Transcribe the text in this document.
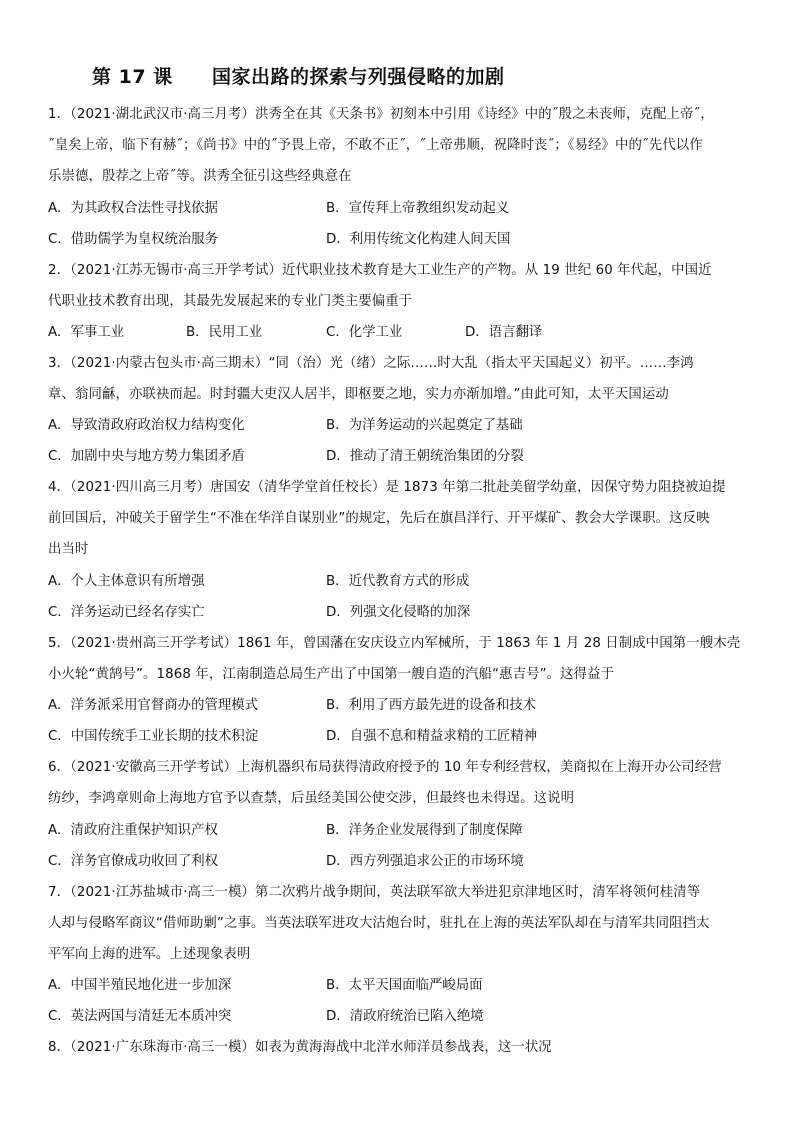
第 17 课 国家出路的探索与列强侵略的加剧
1．（2021·湖北武汉市·高三月考）洪秀全在其《天条书》初刻本中引用《诗经》中的˝殷之未丧师，克配上帝˝，
˝皇矣上帝，临下有赫˝；《尚书》中的˝予畏上帝，不敢不正˝，˝上帝弗顺，祝降时丧˝；《易经》中的˝先代以作
乐崇德，殷荐之上帝˝等。洪秀全征引这些经典意在
A．为其政权合法性寻找依据	B．宣传拜上帝教组织发动起义
C．借助儒学为皇权统治服务	D．利用传统文化构建人间天国
2．（2021·江苏无锡市·高三开学考试）近代职业技术教育是大工业生产的产物。从 19 世纪 60 年代起，中国近
代职业技术教育出现，其最先发展起来的专业门类主要偏重于
A．军事工业	B．民用工业	C．化学工业	D．语言翻译
3．（2021·内蒙古包头市·高三期末）“同（治）光（绪）之际……时大乱（指太平天国起义）初平。……李鸿
章、翁同龢，亦联袂而起。时封疆大吏汉人居半，即枢要之地，实力亦渐加增。”由此可知，太平天国运动
A．导致清政府政治权力结构变化	B．为洋务运动的兴起奠定了基础
C．加剧中央与地方势力集团矛盾	D．推动了清王朝统治集团的分裂
4．（2021·四川高三月考）唐国安（清华学堂首任校长）是 1873 年第二批赴美留学幼童，因保守势力阻挠被迫提
前回国后，冲破关于留学生“不准在华洋自谋别业”的规定，先后在旗昌洋行、开平煤矿、教会大学课职。这反映
出当时
A．个人主体意识有所增强	B．近代教育方式的形成
C．洋务运动已经名存实亡	D．列强文化侵略的加深
5．（2021·贵州高三开学考试）1861 年，曾国藩在安庆设立内军械所，于 1863 年 1 月 28 日制成中国第一艘木壳
小火轮“黄鹄号”。1868 年，江南制造总局生产出了中国第一艘自造的汽船“惠吉号”。这得益于
A．洋务派采用官督商办的管理模式	B．利用了西方最先进的设备和技术
C．中国传统手工业长期的技术积淀	D．自强不息和精益求精的工匠精神
6．（2021·安徽高三开学考试）上海机器织布局获得清政府授予的 10 年专利经营权，美商拟在上海开办公司经营
纺纱，李鸿章则命上海地方官予以查禁，后虽经美国公使交涉，但最终也未得逞。这说明
A．清政府注重保护知识产权	B．洋务企业发展得到了制度保障
C．洋务官僚成功收回了利权	D．西方列强追求公正的市场环境
7．（2021·江苏盐城市·高三一模）第二次鸦片战争期间，英法联军欲大举进犯京津地区时，清军将领何桂清等
人却与侵略军商议“借师助剿”之事。当英法联军进攻大沽炮台时，驻扎在上海的英法军队却在与清军共同阻挡太
平军向上海的进军。上述现象表明
A．中国半殖民地化进一步加深	B．太平天国面临严峻局面
C．英法两国与清廷无本质冲突	D．清政府统治已陷入绝境
8．（2021·广东珠海市·高三一模）如表为黄海海战中北洋水师洋员参战表，这一状况
